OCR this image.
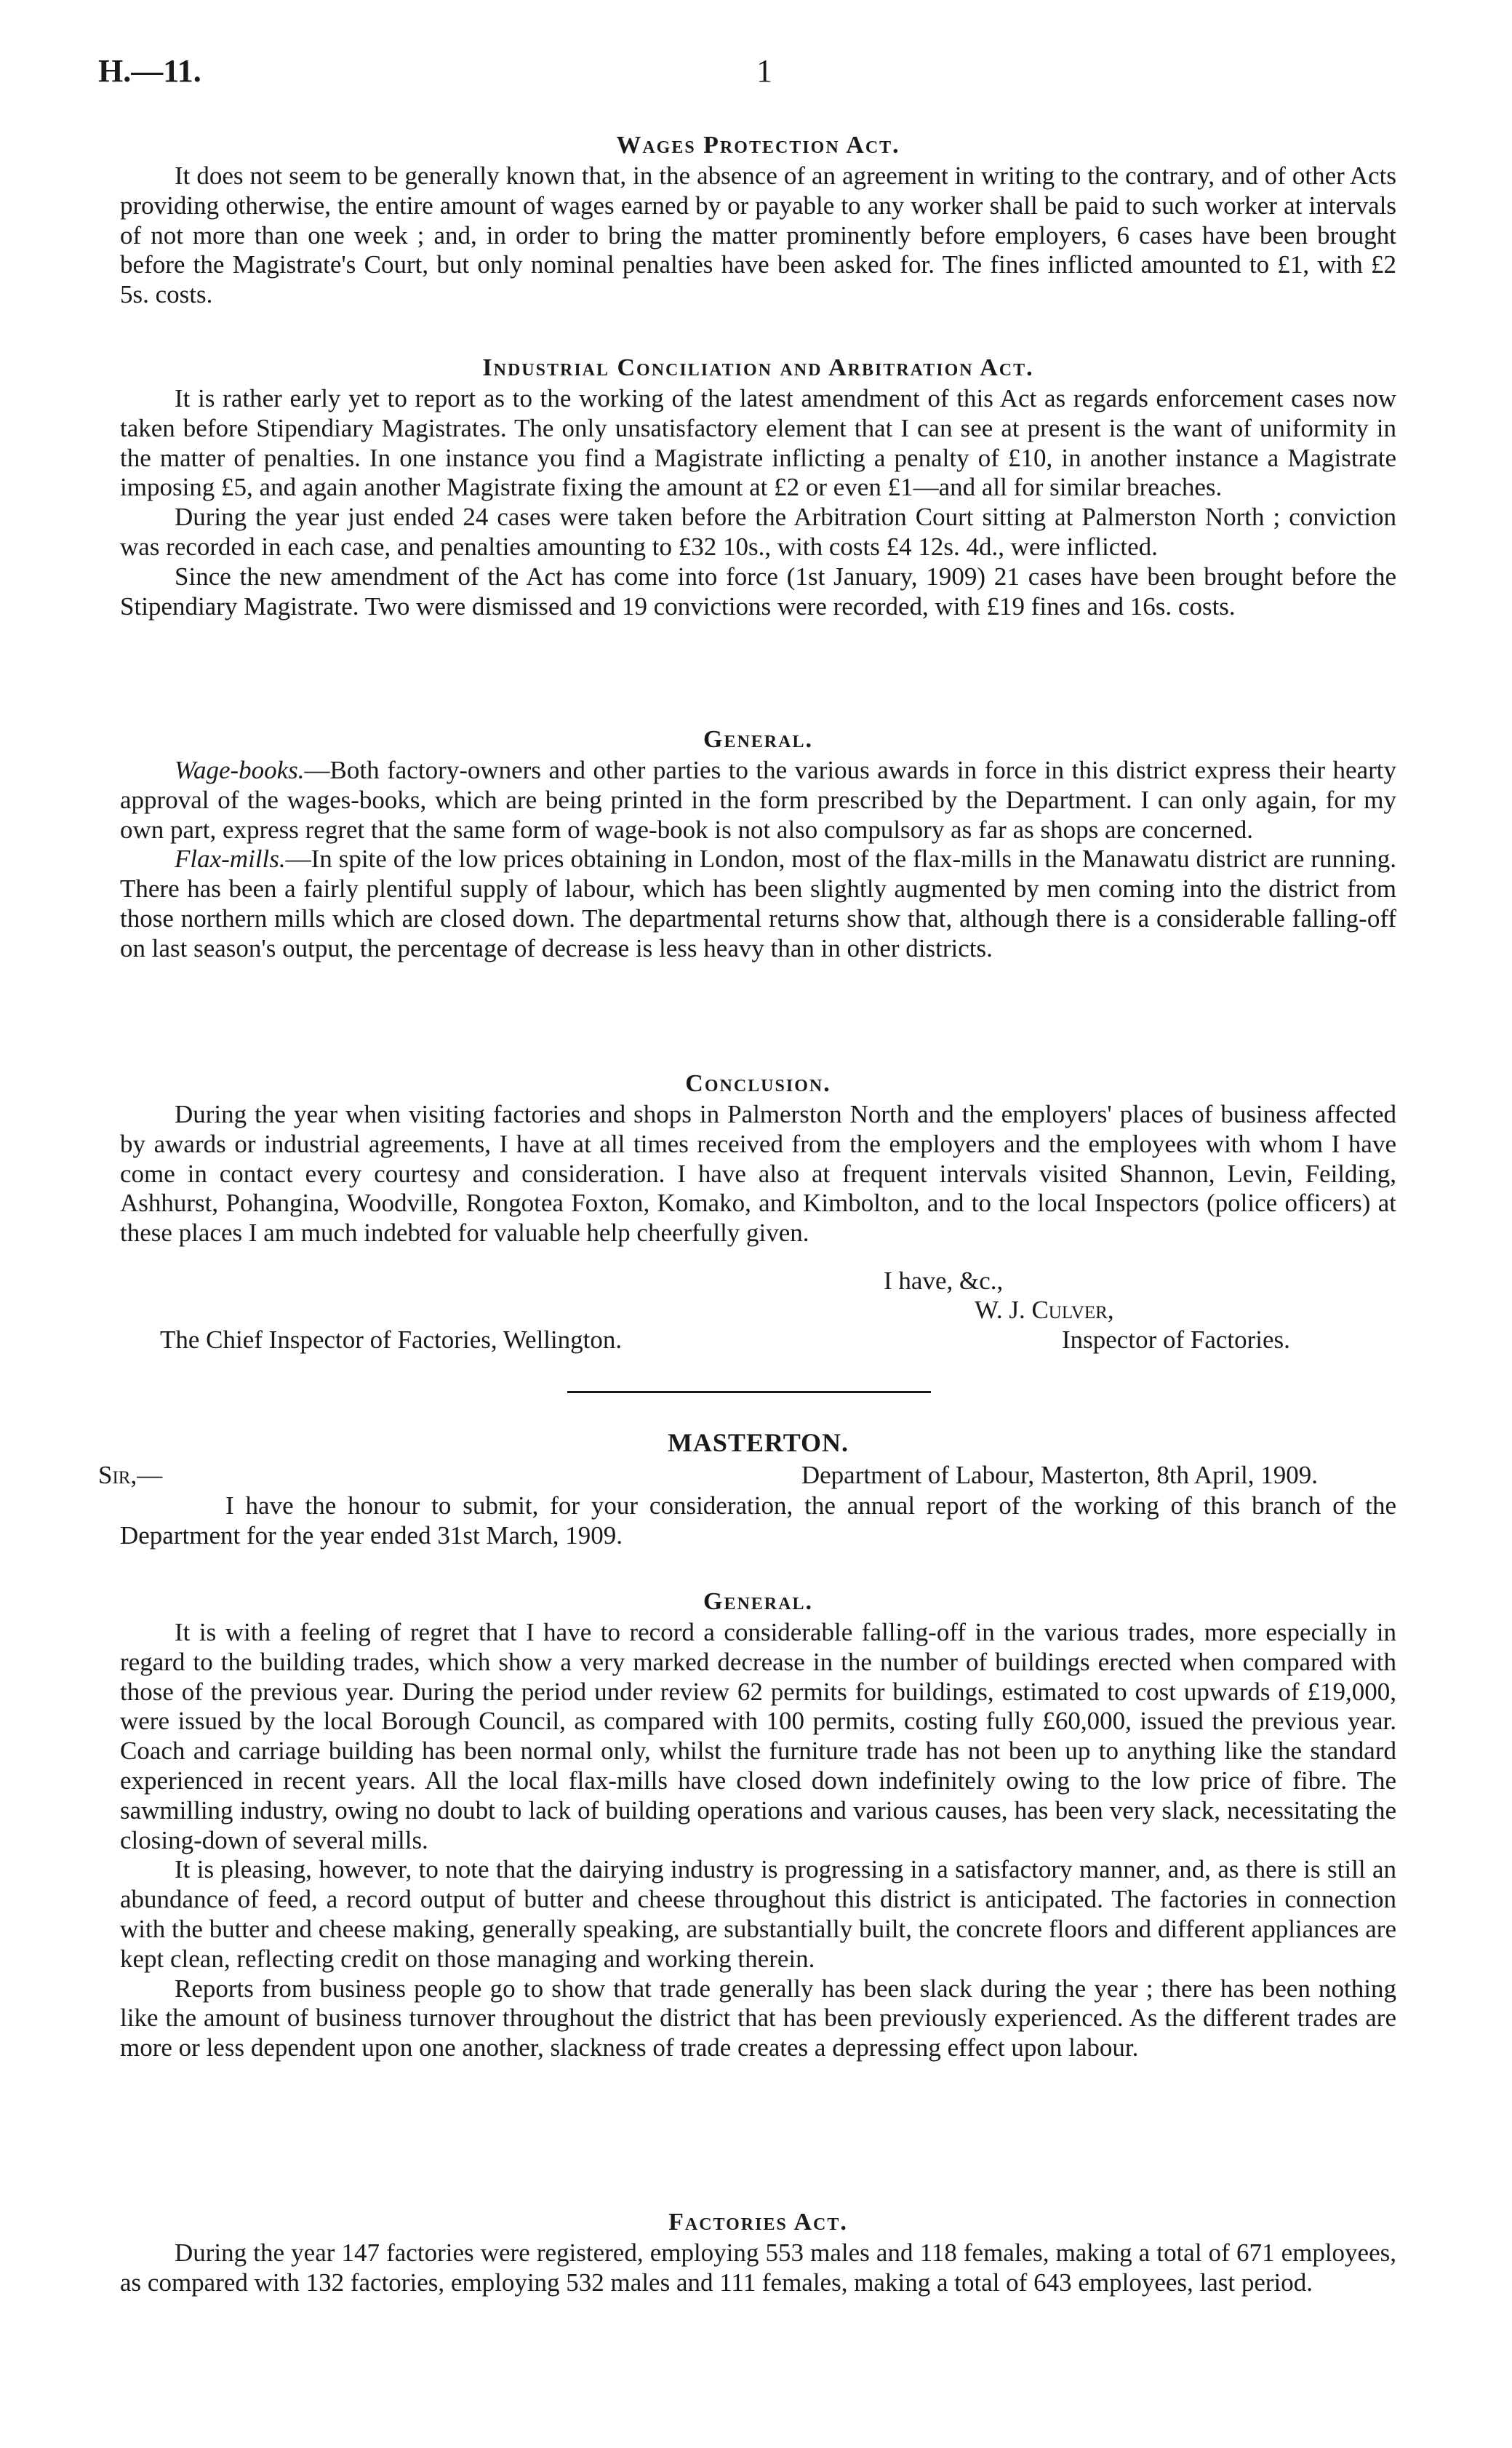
H.—11.	1
Wages Protection Act.

It does not seem to be generally known that, in the absence of an agreement in writing to the contrary, and of other Acts providing otherwise, the entire amount of wages earned by or payable to any worker shall be paid to such worker at intervals of not more than one week ; and, in order to bring the matter prominently before employers, 6 cases have been brought before the Magistrate's Court, but only nominal penalties have been asked for. The fines inflicted amounted to £1, with £2 5s. costs.

Industrial Conciliation and Arbitration Act.

It is rather early yet to report as to the working of the latest amendment of this Act as regards enforcement cases now taken before Stipendiary Magistrates. The only unsatisfactory element that I can see at present is the want of uniformity in the matter of penalties. In one instance you find a Magistrate inflicting a penalty of £10, in another instance a Magistrate imposing £5, and again another Magistrate fixing the amount at £2 or even £1—and all for similar breaches.

During the year just ended 24 cases were taken before the Arbitration Court sitting at Palmerston North ; conviction was recorded in each case, and penalties amounting to £32 10s., with costs £4 12s. 4d., were inflicted.

Since the new amendment of the Act has come into force (1st January, 1909) 21 cases have been brought before the Stipendiary Magistrate. Two were dismissed and 19 convictions were recorded, with £19 fines and 16s. costs.

General.

Wage-books.—Both factory-owners and other parties to the various awards in force in this district express their hearty approval of the wages-books, which are being printed in the form prescribed by the Department. I can only again, for my own part, express regret that the same form of wage-book is not also compulsory as far as shops are concerned.

Flax-mills.—In spite of the low prices obtaining in London, most of the flax-mills in the Manawatu district are running. There has been a fairly plentiful supply of labour, which has been slightly augmented by men coming into the district from those northern mills which are closed down. The departmental returns show that, although there is a considerable falling-off on last season's output, the percentage of decrease is less heavy than in other districts.

Conclusion.

During the year when visiting factories and shops in Palmerston North and the employers' places of business affected by awards or industrial agreements, I have at all times received from the employers and the employees with whom I have come in contact every courtesy and consideration. I have also at frequent intervals visited Shannon, Levin, Feilding, Ashhurst, Pohangina, Woodville, Rongotea Foxton, Komako, and Kimbolton, and to the local Inspectors (police officers) at these places I am much indebted for valuable help cheerfully given.

I have, &c.,
W. J. Culver,
The Chief Inspector of Factories, Wellington.	Inspector of Factories.
MASTERTON.
Sir,—	Department of Labour, Masterton, 8th April, 1909.

I have the honour to submit, for your consideration, the annual report of the working of this branch of the Department for the year ended 31st March, 1909.

General.

It is with a feeling of regret that I have to record a considerable falling-off in the various trades, more especially in regard to the building trades, which show a very marked decrease in the number of buildings erected when compared with those of the previous year. During the period under review 62 permits for buildings, estimated to cost upwards of £19,000, were issued by the local Borough Council, as compared with 100 permits, costing fully £60,000, issued the previous year. Coach and carriage building has been normal only, whilst the furniture trade has not been up to anything like the standard experienced in recent years. All the local flax-mills have closed down indefinitely owing to the low price of fibre. The sawmilling industry, owing no doubt to lack of building operations and various causes, has been very slack, necessitating the closing-down of several mills.

It is pleasing, however, to note that the dairying industry is progressing in a satisfactory manner, and, as there is still an abundance of feed, a record output of butter and cheese throughout this district is anticipated. The factories in connection with the butter and cheese making, generally speaking, are substantially built, the concrete floors and different appliances are kept clean, reflecting credit on those managing and working therein.

Reports from business people go to show that trade generally has been slack during the year ; there has been nothing like the amount of business turnover throughout the district that has been previously experienced. As the different trades are more or less dependent upon one another, slackness of trade creates a depressing effect upon labour.

Factories Act.

During the year 147 factories were registered, employing 553 males and 118 females, making a total of 671 employees, as compared with 132 factories, employing 532 males and 111 females, making a total of 643 employees, last period.
